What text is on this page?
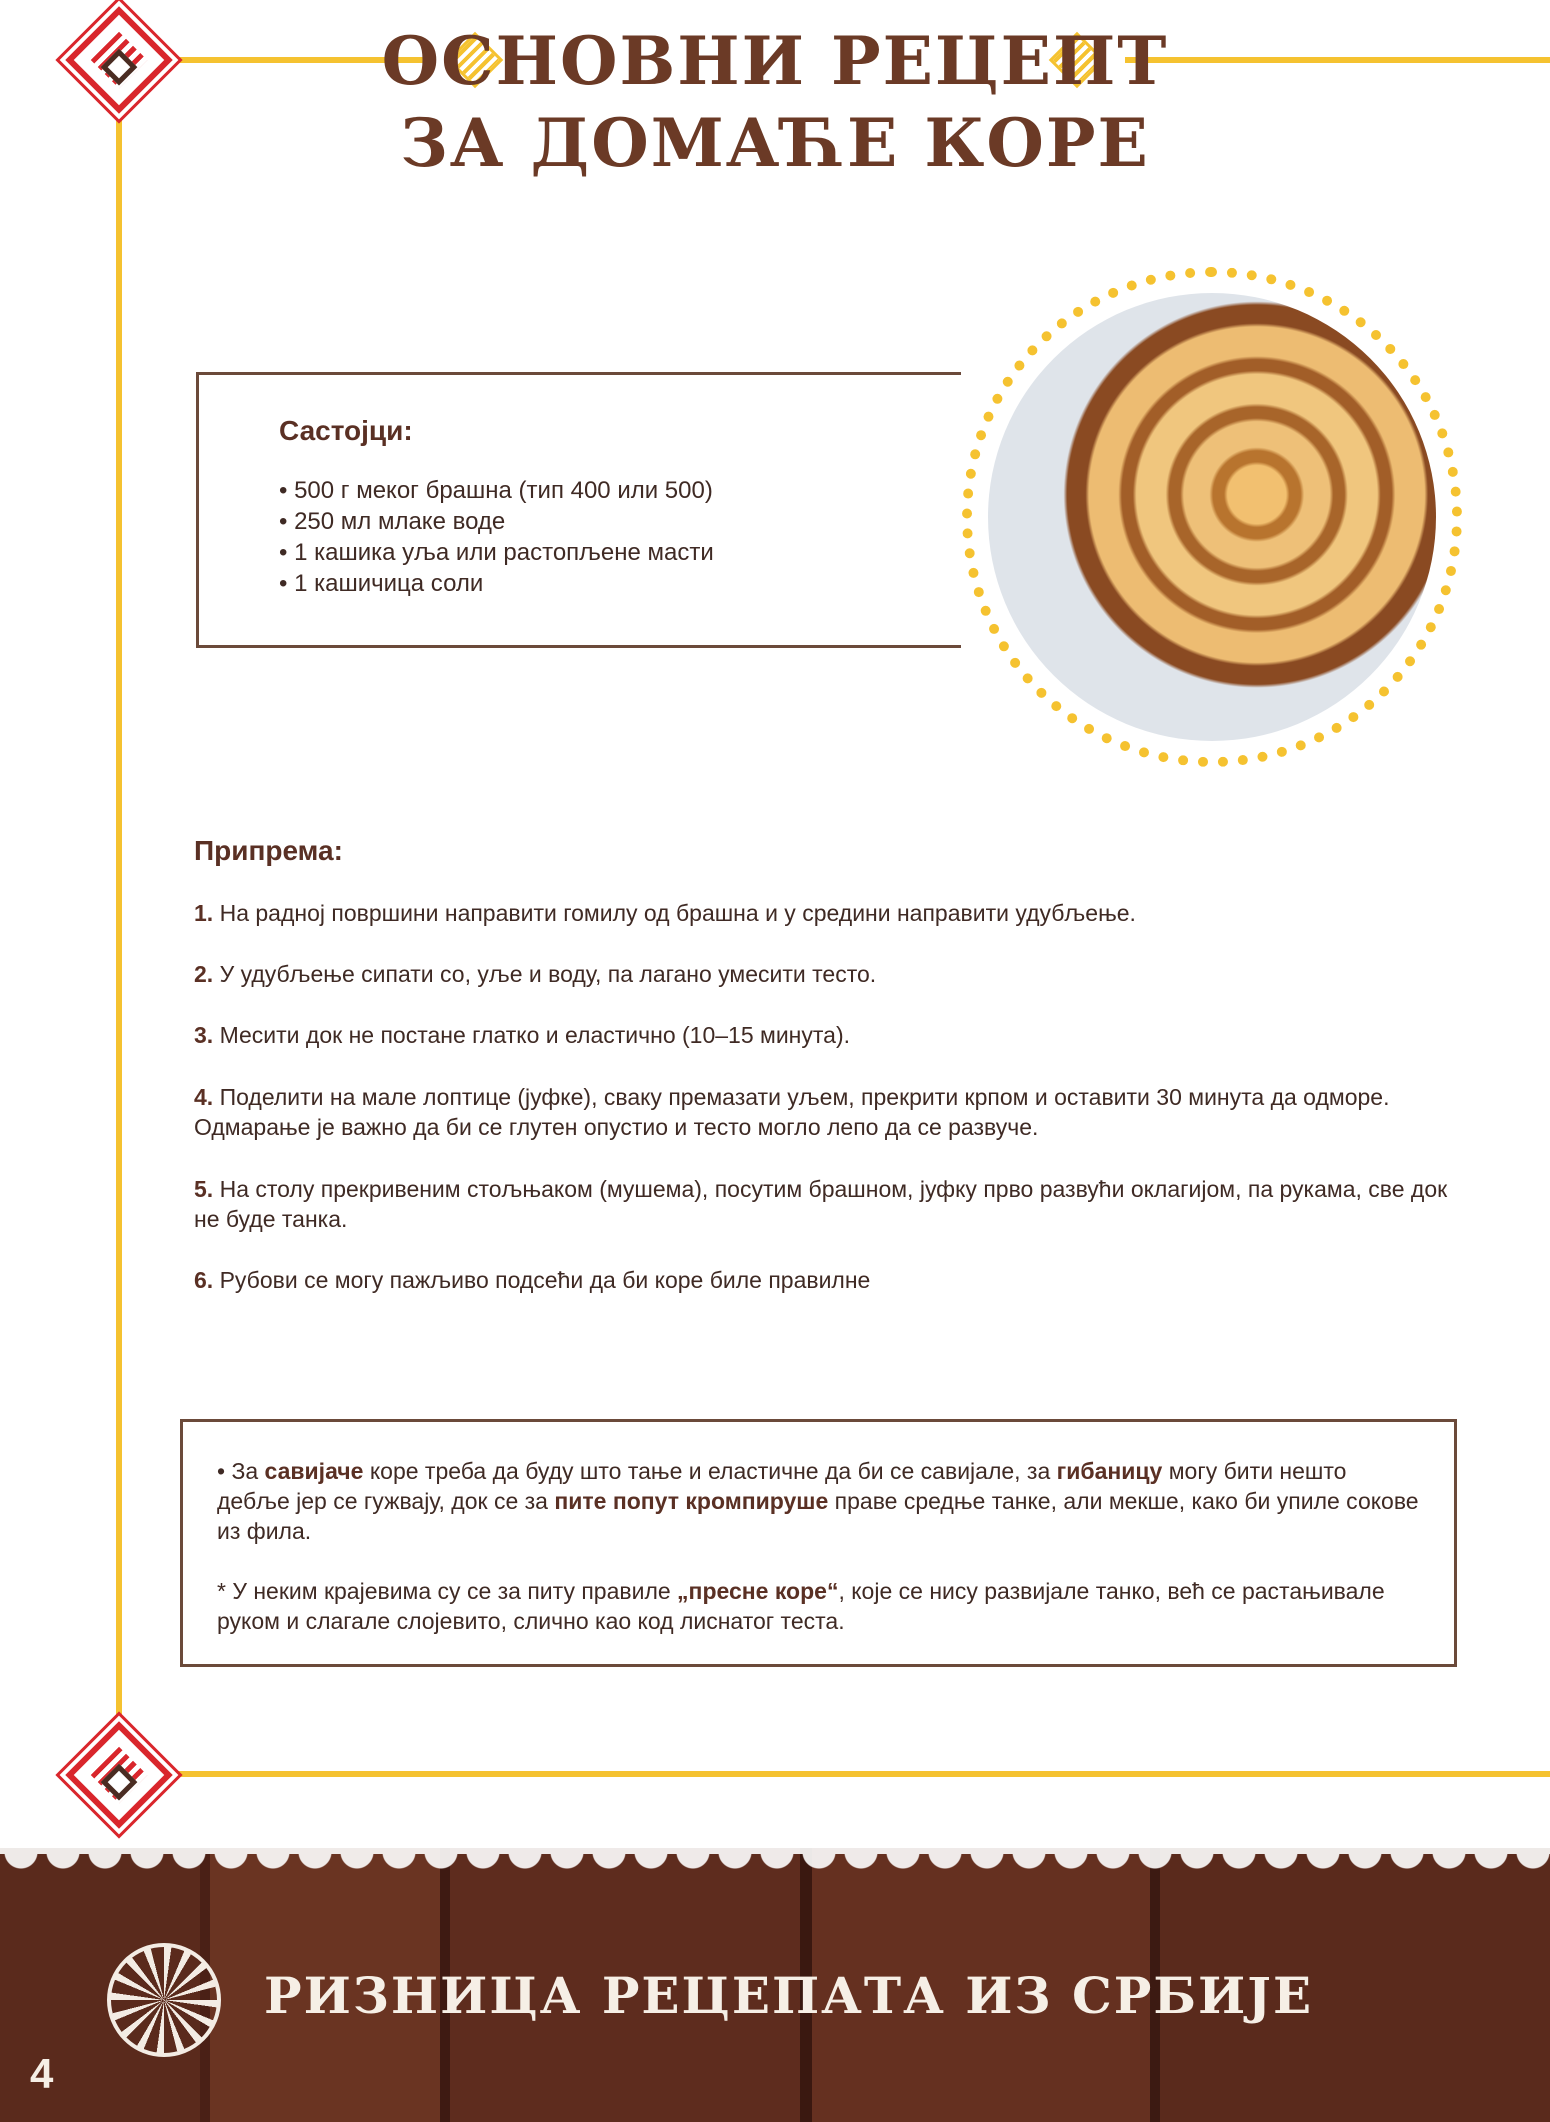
ОСНОВНИ РЕЦЕПТ
ЗА ДОМАЋЕ КОРЕ
Састојци:
• 500 г меког брашна (тип 400 или 500)
• 250 мл млаке воде
• 1 кашика уља или растопљене масти
• 1 кашичица соли
Припрема:
1. На радној површини направити гомилу од брашна и у средини направити удубљење.
2. У удубљење сипати со, уље и воду, па лагано умесити тесто.
3. Месити док не постане глатко и еластично (10–15 минута).
4. Поделити на мале лоптице (јуфке), сваку премазати уљем, прекрити крпом и оставити 30 минута да одморе. Одмарање је важно да би се глутен опустио и тесто могло лепо да се развуче.
5. На столу прекривеним стољњаком (мушема), посутим брашном, јуфку прво развући оклагијом, па рукама, све док не буде танка.
6. Рубови се могу пажљиво подсећи да би коре биле правилне

• За савијаче коре треба да буду што тање и еластичне да би се савијале, за гибаницу могу бити нешто дебље јер се гужвају, док се за пите попут кромпируше праве средње танке, али мекше, како би упиле сокове из фила.

* У неким крајевима су се за питу правиле „пресне коре“, које се нису развијале танко, већ се растањивале руком и слагале слојевито, слично као код лиснатог теста.

РИЗНИЦА РЕЦЕПАТА ИЗ СРБИЈЕ
4
